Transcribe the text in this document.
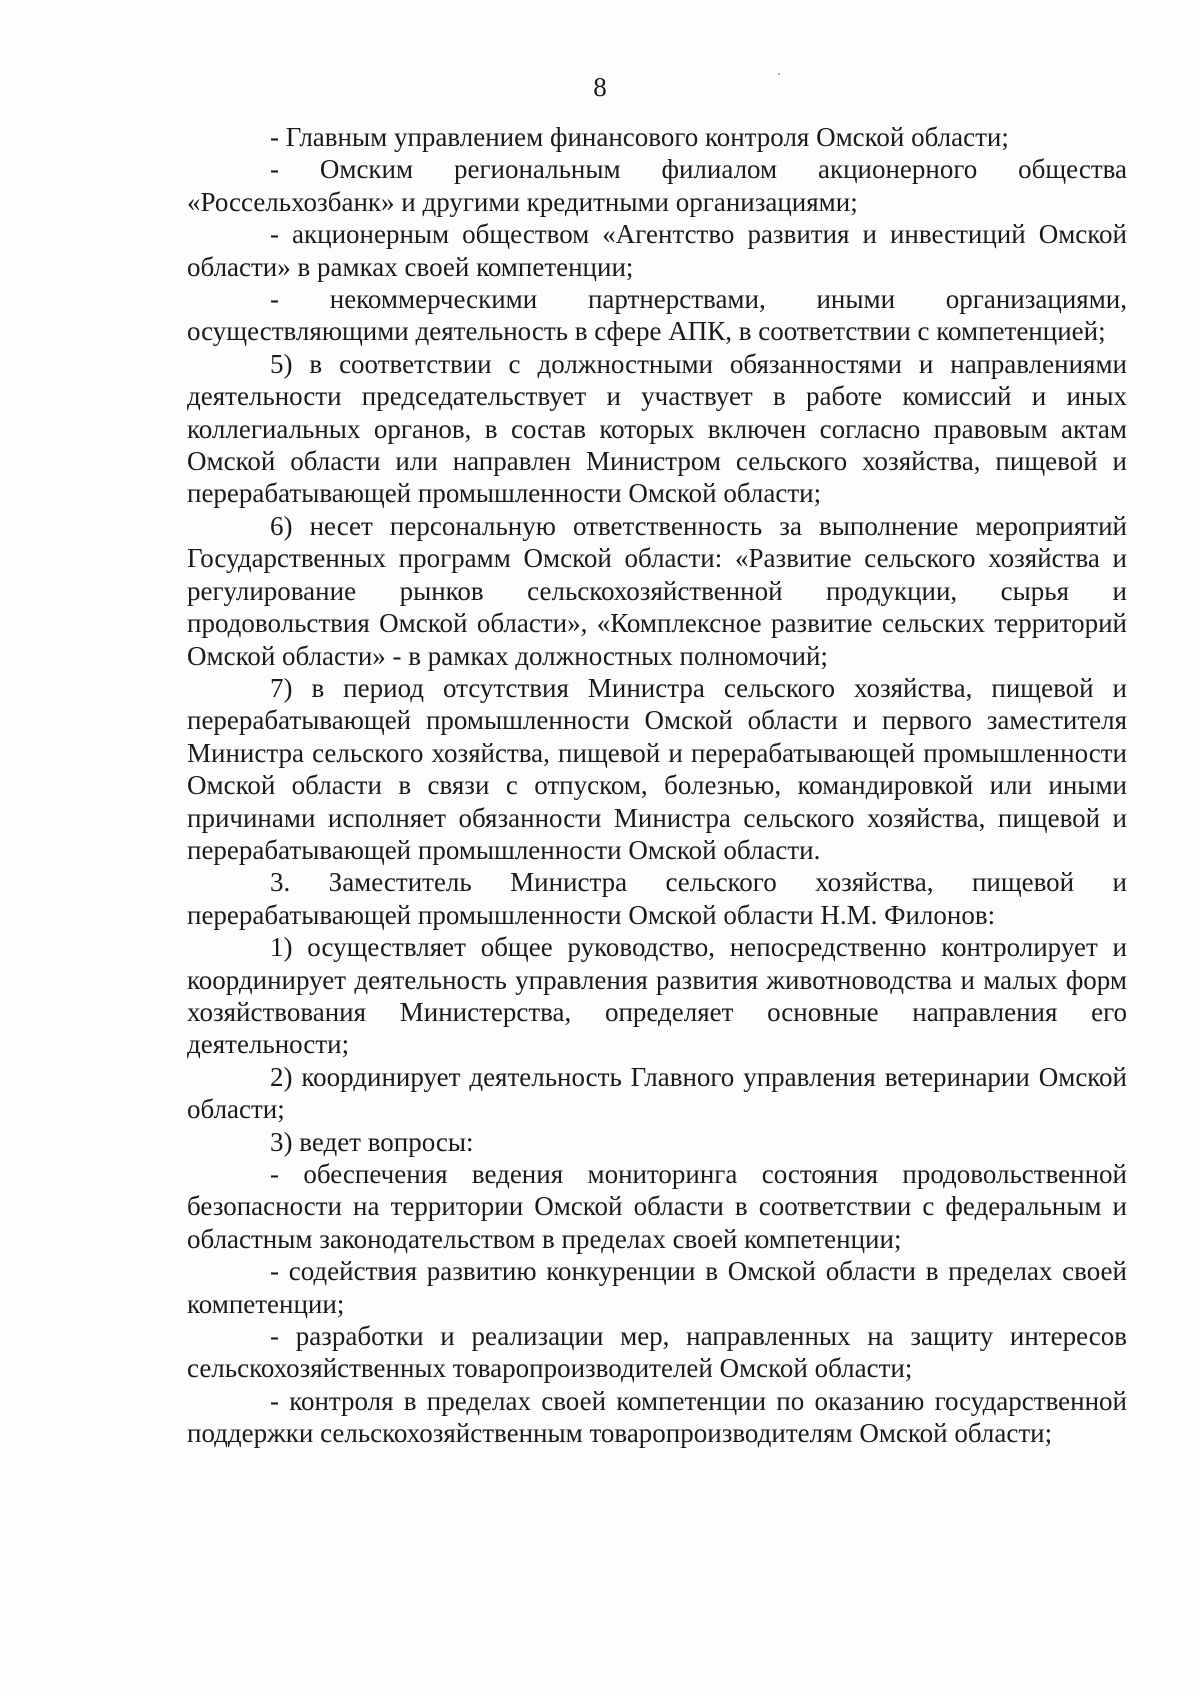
8

- Главным управлением финансового контроля Омской области;

- Омским региональным филиалом акционерного общества «Россельхозбанк» и другими кредитными организациями;

- акционерным обществом «Агентство развития и инвестиций Омской области» в рамках своей компетенции;

- некоммерческими партнерствами, иными организациями, осуществляющими деятельность в сфере АПК, в соответствии с компетенцией;

5) в соответствии с должностными обязанностями и направлениями деятельности председательствует и участвует в работе комиссий и иных коллегиальных органов, в состав которых включен согласно правовым актам Омской области или направлен Министром сельского хозяйства, пищевой и перерабатывающей промышленности Омской области;

6) несет персональную ответственность за выполнение мероприятий Государственных программ Омской области: «Развитие сельского хозяйства и регулирование рынков сельскохозяйственной продукции, сырья и продовольствия Омской области», «Комплексное развитие сельских территорий Омской области» - в рамках должностных полномочий;

7) в период отсутствия Министра сельского хозяйства, пищевой и перерабатывающей промышленности Омской области и первого заместителя Министра сельского хозяйства, пищевой и перерабатывающей промышленности Омской области в связи с отпуском, болезнью, командировкой или иными причинами исполняет обязанности Министра сельского хозяйства, пищевой и перерабатывающей промышленности Омской области.

3. Заместитель Министра сельского хозяйства, пищевой и перерабатывающей промышленности Омской области Н.М. Филонов:

1) осуществляет общее руководство, непосредственно контролирует и координирует деятельность управления развития животноводства и малых форм хозяйствования Министерства, определяет основные направления его деятельности;

2) координирует деятельность Главного управления ветеринарии Омской области;

3) ведет вопросы:

- обеспечения ведения мониторинга состояния продовольственной безопасности на территории Омской области в соответствии с федеральным и областным законодательством в пределах своей компетенции;

- содействия развитию конкуренции в Омской области в пределах своей компетенции;

- разработки и реализации мер, направленных на защиту интересов сельскохозяйственных товаропроизводителей Омской области;

- контроля в пределах своей компетенции по оказанию государственной поддержки сельскохозяйственным товаропроизводителям Омской области;
